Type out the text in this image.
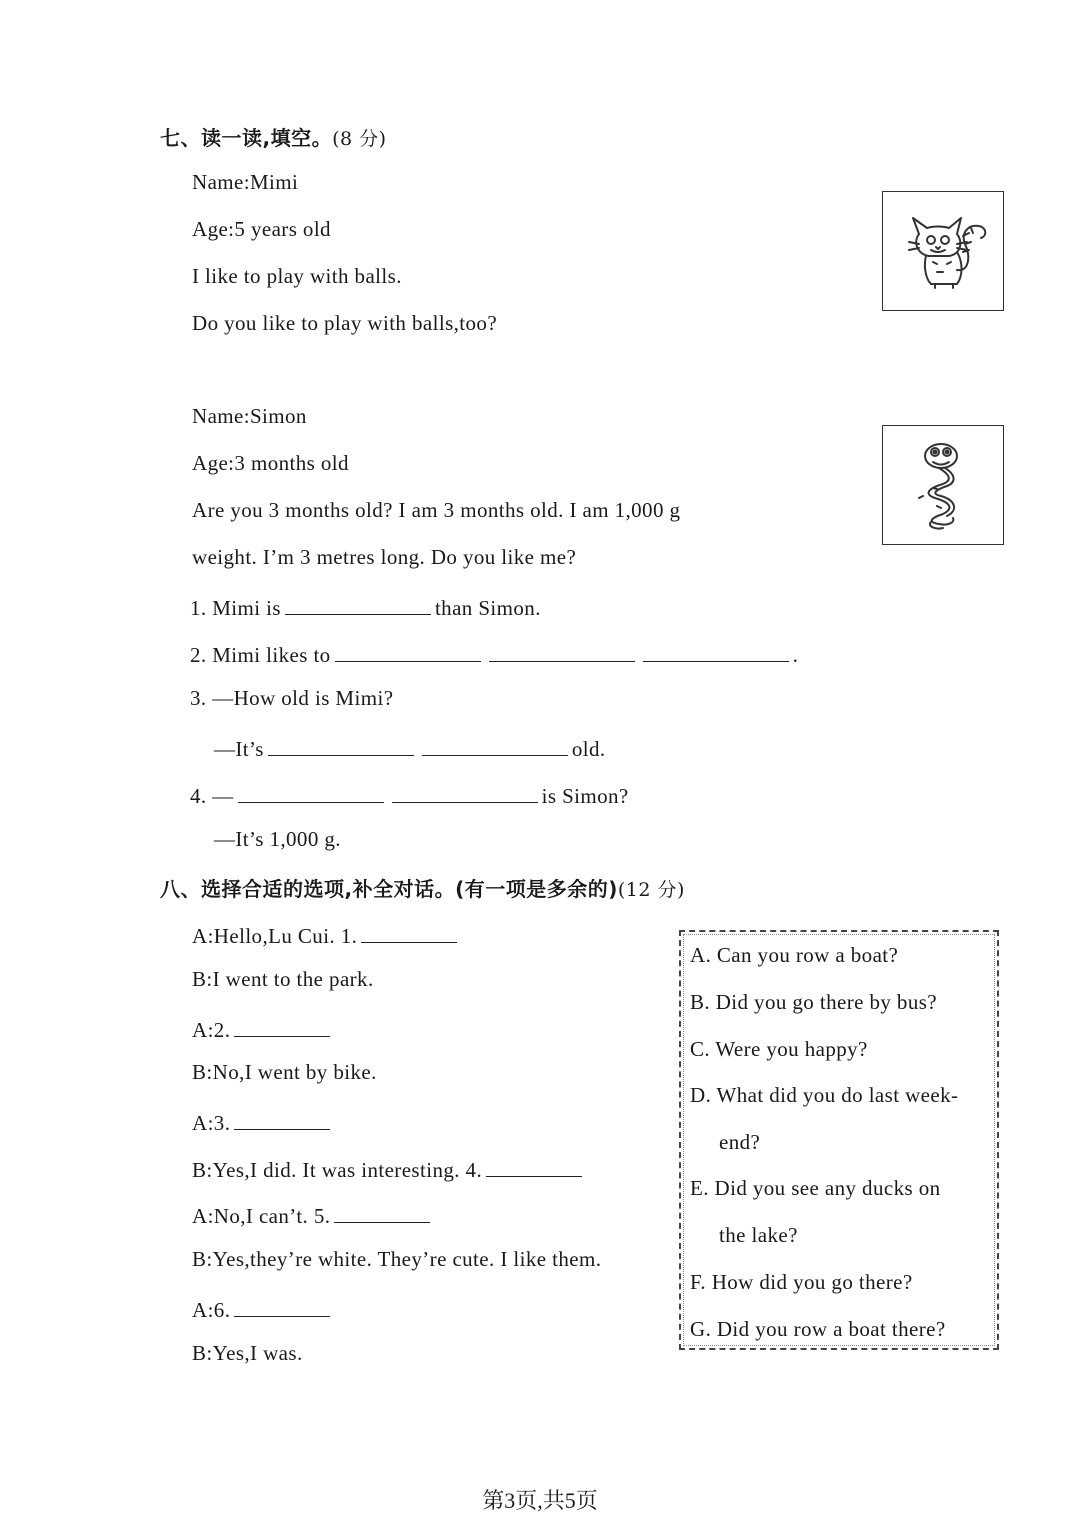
七、读一读,填空。(8 分)
Name:Mimi
Age:5 years old
I like to play with balls.
Do you like to play with balls,too?
Name:Simon
Age:3 months old
Are you 3 months old? I am 3 months old. I am 1,000 g
weight. I’m 3 metres long. Do you like me?
1. Mimi is	than Simon.
2. Mimi likes to	.
3. —How old is Mimi?
—It’s	old.
4. —	is Simon?
—It’s 1,000 g.
八、选择合适的选项,补全对话。(有一项是多余的)(12 分)
A:Hello,Lu Cui. 1.
B:I went to the park.
A:2.
B:No,I went by bike.
A:3.
B:Yes,I did. It was interesting. 4.
A:No,I can’t. 5.
B:Yes,they’re white. They’re cute. I like them.
A:6.
B:Yes,I was.
A. Can you row a boat?
B. Did you go there by bus?
C. Were you happy?
D. What did you do last week-
end?
E. Did you see any ducks on
the lake?
F. How did you go there?
G. Did you row a boat there?
第3页,共5页
